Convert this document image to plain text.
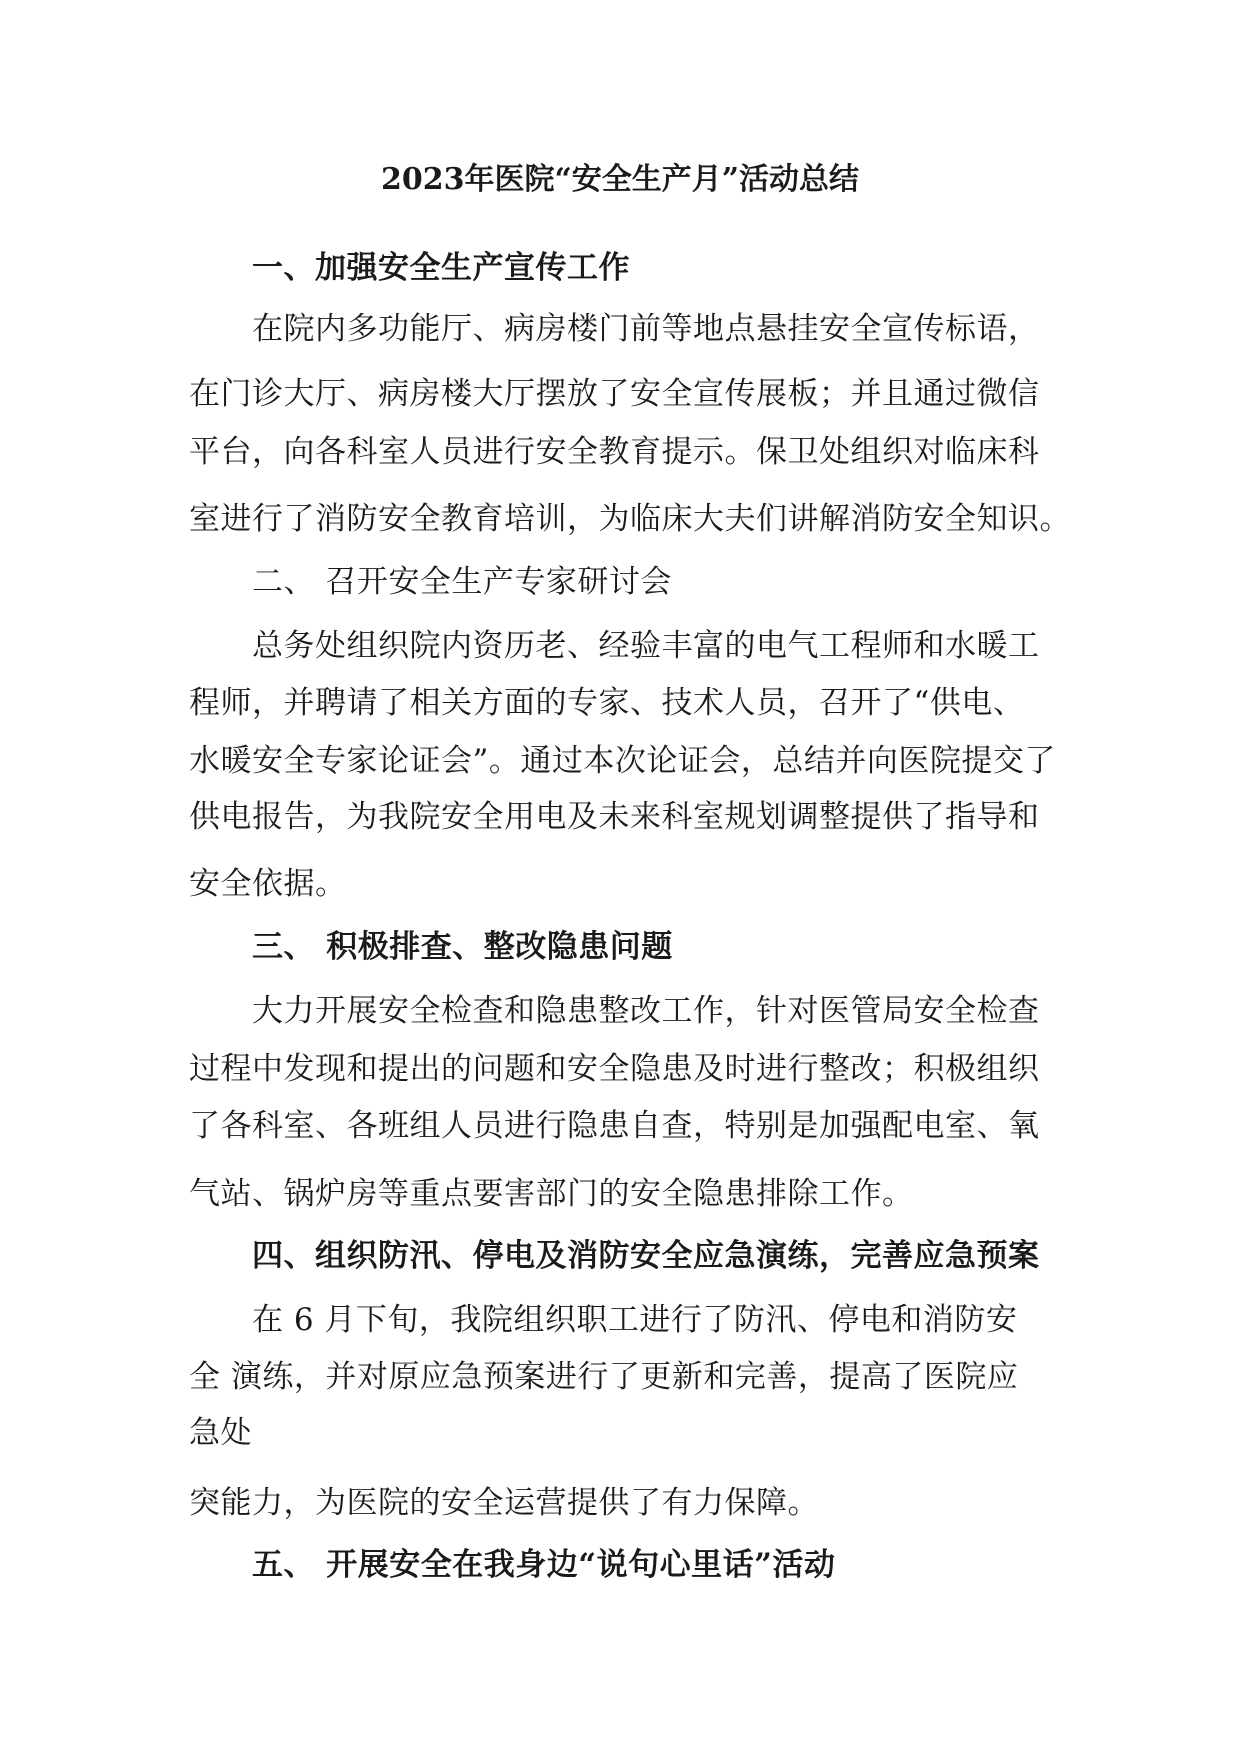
2023年医院“安全生产月”活动总结
一、加强安全生产宣传工作
在院内多功能厅、病房楼门前等地点悬挂安全宣传标语，
在门诊大厅、病房楼大厅摆放了安全宣传展板；并且通过微信
平台，向各科室人员进行安全教育提示。保卫处组织对临床科
室进行了消防安全教育培训，为临床大夫们讲解消防安全知识。
二、 召开安全生产专家研讨会
总务处组织院内资历老、经验丰富的电气工程师和水暖工
程师，并聘请了相关方面的专家、技术人员，召开了“供电、
水暖安全专家论证会”。通过本次论证会，总结并向医院提交了
供电报告，为我院安全用电及未来科室规划调整提供了指导和
安全依据。
三、 积极排查、整改隐患问题
大力开展安全检查和隐患整改工作，针对医管局安全检查
过程中发现和提出的问题和安全隐患及时进行整改；积极组织
了各科室、各班组人员进行隐患自查，特别是加强配电室、氧
气站、锅炉房等重点要害部门的安全隐患排除工作。
四、组织防汛、停电及消防安全应急演练，完善应急预案
在 6 月下旬，我院组织职工进行了防汛、停电和消防安
全 演练，并对原应急预案进行了更新和完善，提高了医院应
急处
突能力，为医院的安全运营提供了有力保障。
五、 开展安全在我身边“说句心里话”活动
